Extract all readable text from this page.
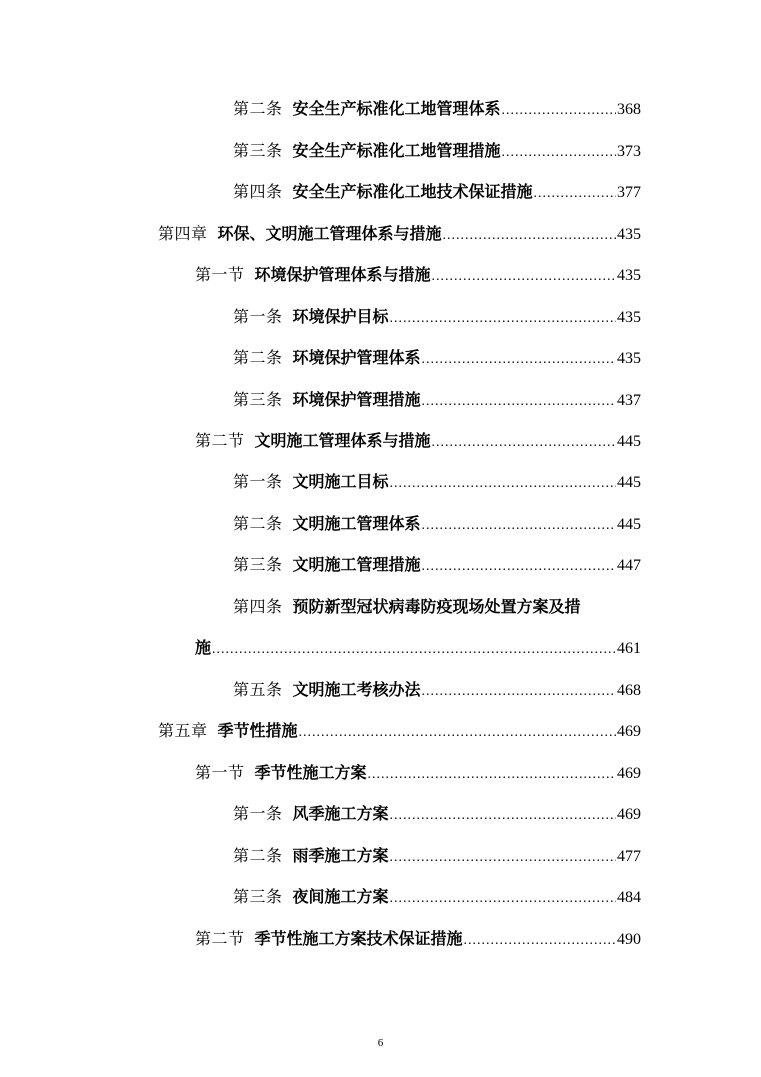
第二条 安全生产标准化工地管理体系 .....	368
第三条 安全生产标准化工地管理措施 .....	373
第四条 安全生产标准化工地技术保证措施 .....	377
第四章 环保、文明施工管理体系与措施 .....	435
第一节 环境保护管理体系与措施 .....	435
第一条 环境保护目标 .....	435
第二条 环境保护管理体系 .....	435
第三条 环境保护管理措施 .....	437
第二节 文明施工管理体系与措施 .....	445
第一条 文明施工目标 .....	445
第二条 文明施工管理体系 .....	445
第三条 文明施工管理措施 .....	447
第四条 预防新型冠状病毒防疫现场处置方案及措
施 .....	461
第五条 文明施工考核办法 .....	468
第五章 季节性措施 .....	469
第一节 季节性施工方案 .....	469
第一条 风季施工方案 .....	469
第二条 雨季施工方案 .....	477
第三条 夜间施工方案 .....	484
第二节 季节性施工方案技术保证措施 .....	490
6
